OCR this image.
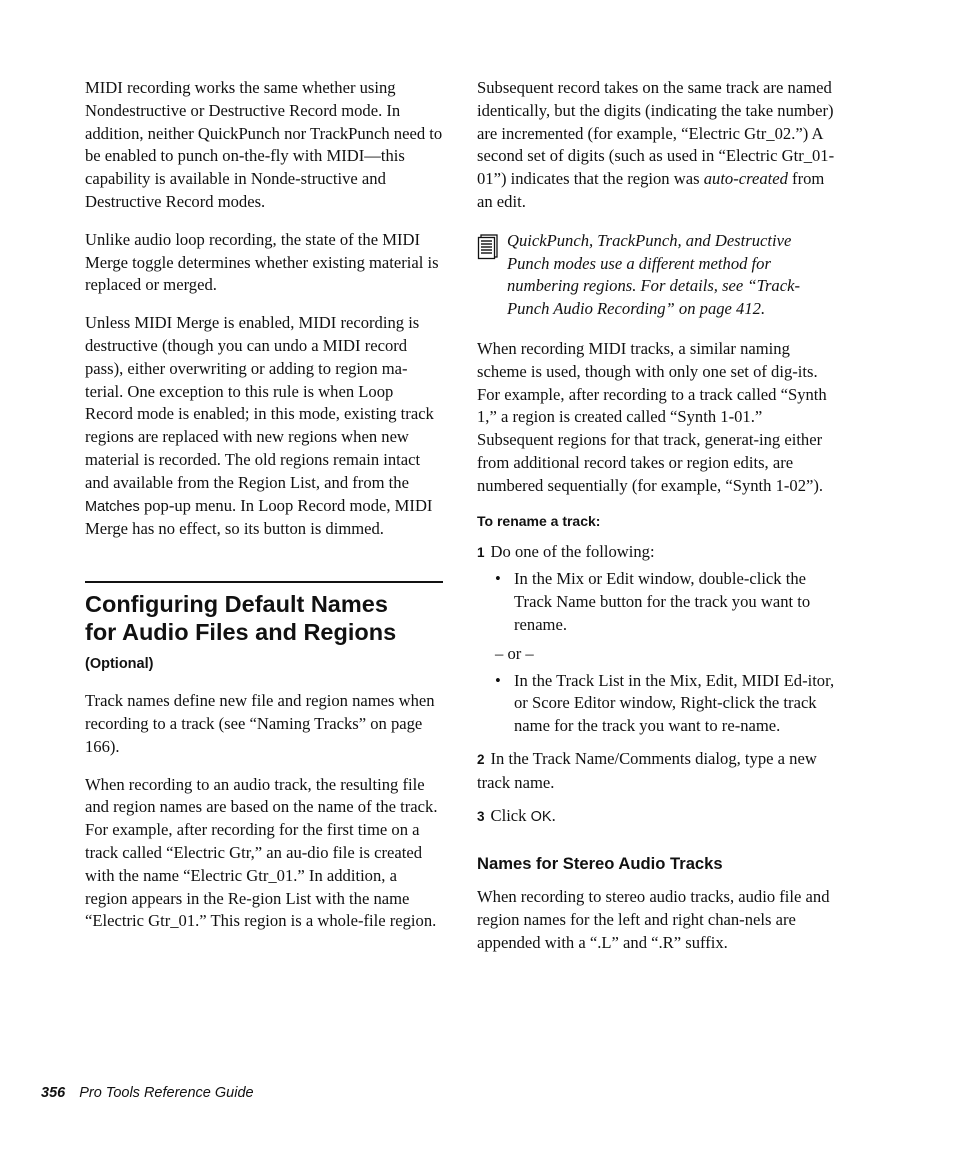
MIDI recording works the same whether using Nondestructive or Destructive Record mode. In addition, neither QuickPunch nor TrackPunch need to be enabled to punch on-the-fly with MIDI—this capability is available in Nonde-structive and Destructive Record modes.

Unlike audio loop recording, the state of the MIDI Merge toggle determines whether existing material is replaced or merged.

Unless MIDI Merge is enabled, MIDI recording is destructive (though you can undo a MIDI record pass), either overwriting or adding to region ma-terial. One exception to this rule is when Loop Record mode is enabled; in this mode, existing track regions are replaced with new regions when new material is recorded. The old regions remain intact and available from the Region List, and from the Matches pop-up menu. In Loop Record mode, MIDI Merge has no effect, so its button is dimmed.

Configuring Default Names
for Audio Files and Regions
(Optional)

Track names define new file and region names when recording to a track (see “Naming Tracks” on page 166).

When recording to an audio track, the resulting file and region names are based on the name of the track. For example, after recording for the first time on a track called “Electric Gtr,” an au-dio file is created with the name “Electric Gtr_01.” In addition, a region appears in the Re-gion List with the name “Electric Gtr_01.” This region is a whole-file region.

Subsequent record takes on the same track are named identically, but the digits (indicating the take number) are incremented (for example, “Electric Gtr_02.”) A second set of digits (such as used in “Electric Gtr_01-01”) indicates that the region was auto-created from an edit.

QuickPunch, TrackPunch, and Destructive Punch modes use a different method for numbering regions. For details, see “Track-Punch Audio Recording” on page 412.

When recording MIDI tracks, a similar naming scheme is used, though with only one set of dig-its. For example, after recording to a track called “Synth 1,” a region is created called “Synth 1-01.” Subsequent regions for that track, generat-ing either from additional record takes or region edits, are numbered sequentially (for example, “Synth 1-02”).

To rename a track:
1 Do one of the following:
• In the Mix or Edit window, double-click the Track Name button for the track you want to rename.
– or –
• In the Track List in the Mix, Edit, MIDI Ed-itor, or Score Editor window, Right-click the track name for the track you want to re-name.
2 In the Track Name/Comments dialog, type a new track name.
3 Click OK.
Names for Stereo Audio Tracks

When recording to stereo audio tracks, audio file and region names for the left and right chan-nels are appended with a “.L” and “.R” suffix.

356 Pro Tools Reference Guide
